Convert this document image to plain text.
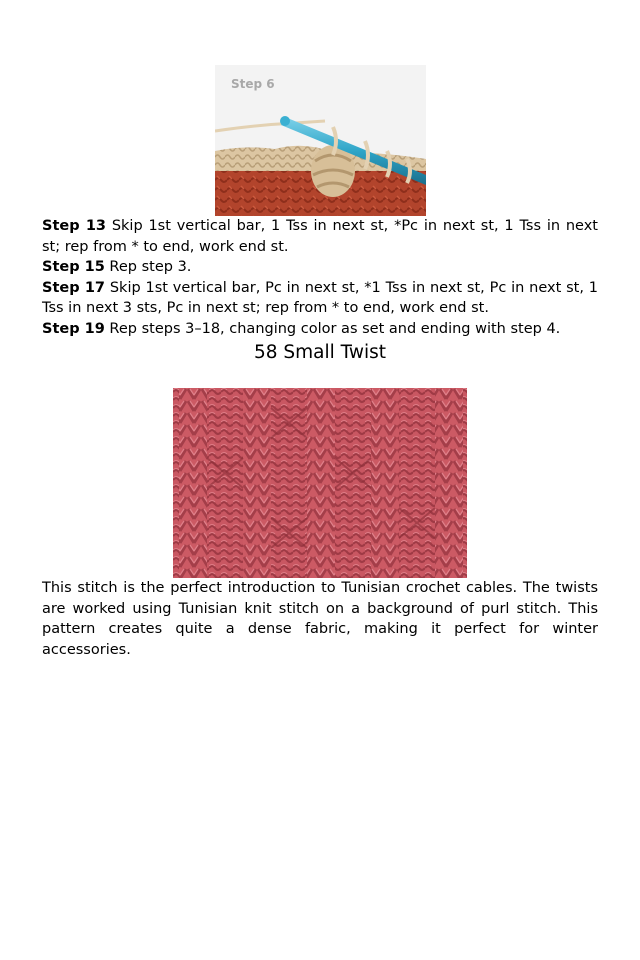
Step 6

Step 13 Skip 1st vertical bar, 1 Tss in next st, *Pc in next st, 1 Tss in next st; rep from * to end, work end st.

Step 15 Rep step 3.

Step 17 Skip 1st vertical bar, Pc in next st, *1 Tss in next st, Pc in next st, 1 Tss in next 3 sts, Pc in next st; rep from * to end, work end st.

Step 19 Rep steps 3–18, changing color as set and ending with step 4.

58 Small Twist

This stitch is the perfect introduction to Tunisian crochet cables. The twists are worked using Tunisian knit stitch on a background of purl stitch. This pattern creates quite a dense fabric, making it perfect for winter accessories.
